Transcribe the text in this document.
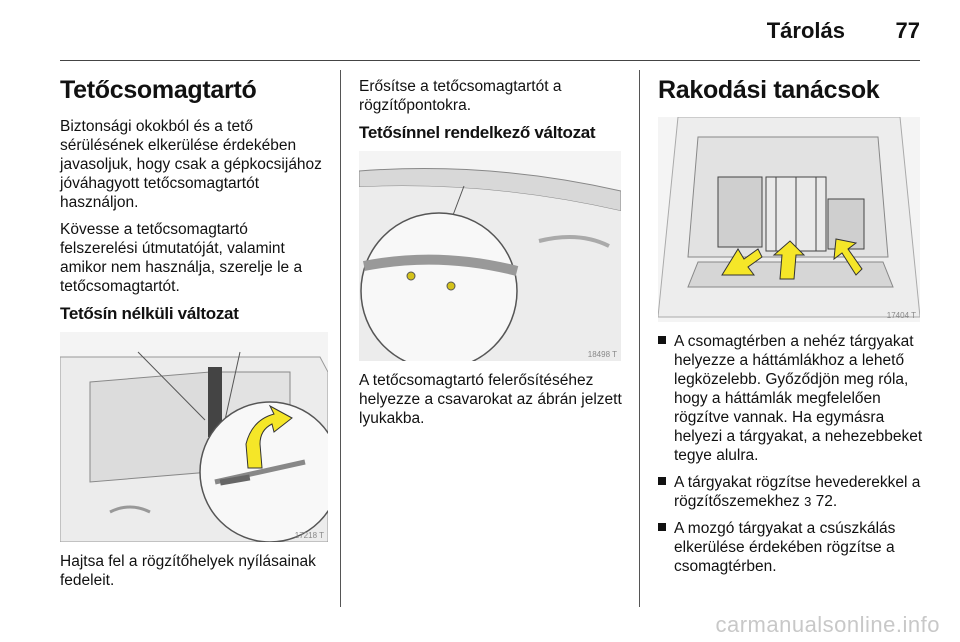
Tárolás 77
Tetőcsomagtartó

Biztonsági okokból és a tető sérülésének elkerülése érdekében javasoljuk, hogy csak a gépkocsijához jóváhagyott tetőcsomagtartót használjon.

Kövesse a tetőcsomagtartó felszerelési útmutatóját, valamint amikor nem használja, szerelje le a tetőcsomagtartót.

Tetősín nélküli változat
17218 T

Hajtsa fel a rögzítőhelyek nyílásainak fedeleit.

Erősítse a tetőcsomagtartót a rögzítőpontokra.

Tetősínnel rendelkező változat
18498 T

A tetőcsomagtartó felerősítéséhez helyezze a csavarokat az ábrán jelzett lyukakba.

Rakodási tanácsok
17404 T
A csomagtérben a nehéz tárgyakat helyezze a háttámlákhoz a lehető legközelebb. Győződjön meg róla, hogy a háttámlák megfelelően rögzítve vannak. Ha egymásra helyezi a tárgyakat, a nehezebbeket tegye alulra.
A tárgyakat rögzítse hevederekkel a rögzítőszemekhez 3 72.
A mozgó tárgyakat a csúszkálás elkerülése érdekében rögzítse a csomagtérben.
carmanualsonline.info
